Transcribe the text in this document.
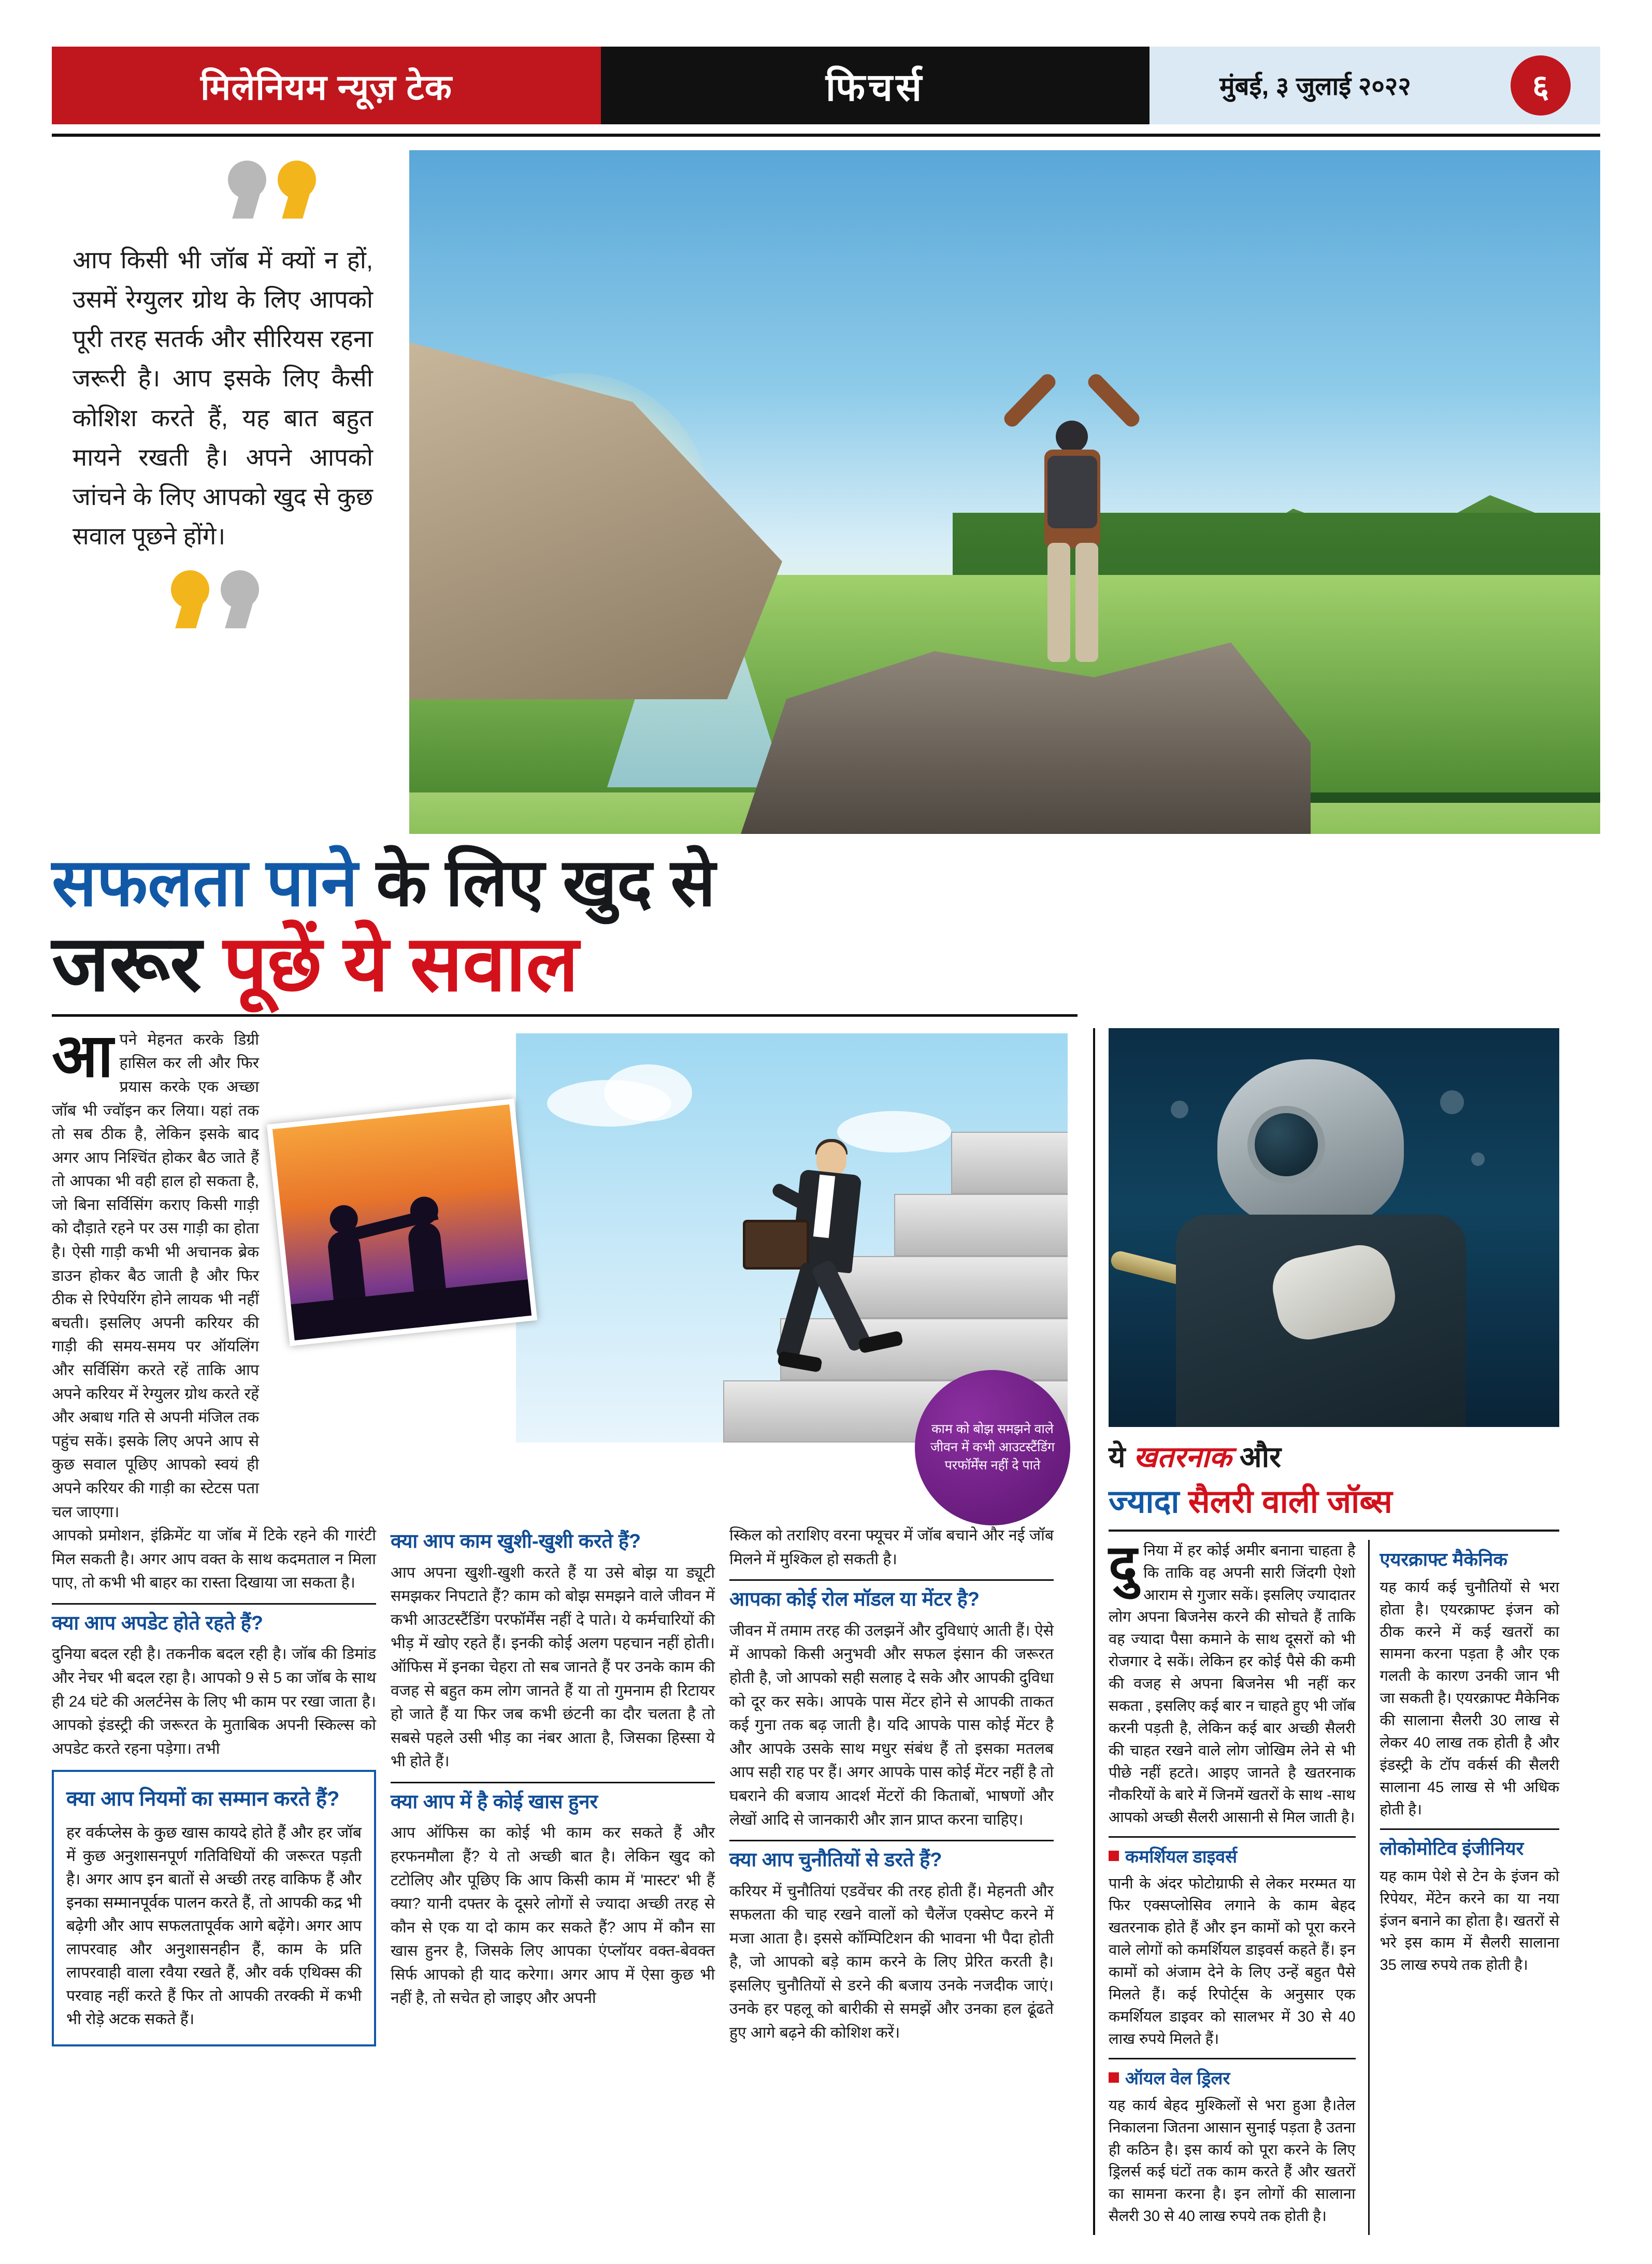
मिलेनियम न्यूज़ टेक	फिचर्स	मुंबई, ३ जुलाई २०२२	६
आप किसी भी जॉब में क्यों न हों, उसमें रेग्युलर ग्रोथ के लिए आपको पूरी तरह सतर्क और सीरियस रहना जरूरी है। आप इसके लिए कैसी कोशिश करते हैं, यह बात बहुत मायने रखती है। अपने आपको जांचने के लिए आपको खुद से कुछ सवाल पूछने होंगे।
सफलता पाने के लिए खुद से
जरूर पूछें ये सवाल
आ पने मेहनत करके डिग्री हासिल कर ली और फिर प्रयास करके एक अच्छा जॉब भी ज्वॉइन कर लिया। यहां तक तो सब ठीक है, लेकिन इसके बाद अगर आप निश्चिंत होकर बैठ जाते हैं तो आपका भी वही हाल हो सकता है, जो बिना सर्विसिंग कराए किसी गाड़ी को दौड़ाते रहने पर उस गाड़ी का होता है। ऐसी गाड़ी कभी भी अचानक ब्रेक डाउन होकर बैठ जाती है और फिर ठीक से रिपेयरिंग होने लायक भी नहीं बचती। इसलिए अपनी करियर की गाड़ी की समय-समय पर ऑयलिंग और सर्विसिंग करते रहें ताकि आप अपने करियर में रेग्युलर ग्रोथ करते रहें और अबाध गति से अपनी मंजिल तक पहुंच सकें। इसके लिए अपने आप से कुछ सवाल पूछिए आपको स्वयं ही अपने करियर की गाड़ी का स्टेटस पता चल जाएगा।
काम को बोझ समझने वाले जीवन में कभी आउटस्टैंडिंग परफॉर्मेंस नहीं दे पाते

आपको प्रमोशन, इंक्रिमेंट या जॉब में टिके रहने की गारंटी मिल सकती है। अगर आप वक्त के साथ कदमताल न मिला पाए, तो कभी भी बाहर का रास्ता दिखाया जा सकता है।

क्या आप अपडेट होते रहते हैं?

दुनिया बदल रही है। तकनीक बदल रही है। जॉब की डिमांड और नेचर भी बदल रहा है। आपको 9 से 5 का जॉब के साथ ही 24 घंटे की अलर्टनेस के लिए भी काम पर रखा जाता है। आपको इंडस्ट्री की जरूरत के मुताबिक अपनी स्किल्स को अपडेट करते रहना पड़ेगा। तभी

क्या आप नियमों का सम्मान करते हैं?

हर वर्कप्लेस के कुछ खास कायदे होते हैं और हर जॉब में कुछ अनुशासनपूर्ण गतिविधियों की जरूरत पड़ती है। अगर आप इन बातों से अच्छी तरह वाकिफ हैं और इनका सम्मानपूर्वक पालन करते हैं, तो आपकी कद्र भी बढ़ेगी और आप सफलतापूर्वक आगे बढ़ेंगे। अगर आप लापरवाह और अनुशासनहीन हैं, काम के प्रति लापरवाही वाला रवैया रखते हैं, और वर्क एथिक्स की परवाह नहीं करते हैं फिर तो आपकी तरक्की में कभी भी रोड़े अटक सकते हैं।

क्या आप काम खुशी-खुशी करते हैं?

आप अपना खुशी-खुशी करते हैं या उसे बोझ या ड्यूटी समझकर निपटाते हैं? काम को बोझ समझने वाले जीवन में कभी आउटस्टैंडिंग परफॉर्मेंस नहीं दे पाते। ये कर्मचारियों की भीड़ में खोए रहते हैं। इनकी कोई अलग पहचान नहीं होती। ऑफिस में इनका चेहरा तो सब जानते हैं पर उनके काम की वजह से बहुत कम लोग जानते हैं या तो गुमनाम ही रिटायर हो जाते हैं या फिर जब कभी छंटनी का दौर चलता है तो सबसे पहले उसी भीड़ का नंबर आता है, जिसका हिस्सा ये भी होते हैं।

क्या आप में है कोई खास हुनर

आप ऑफिस का कोई भी काम कर सकते हैं और हरफनमौला हैं? ये तो अच्छी बात है। लेकिन खुद को टटोलिए और पूछिए कि आप किसी काम में 'मास्टर' भी हैं क्या? यानी दफ्तर के दूसरे लोगों से ज्यादा अच्छी तरह से कौन से एक या दो काम कर सकते हैं? आप में कौन सा खास हुनर है, जिसके लिए आपका एंप्लॉयर वक्त-बेवक्त सिर्फ आपको ही याद करेगा। अगर आप में ऐसा कुछ भी नहीं है, तो सचेत हो जाइए और अपनी

स्किल को तराशिए वरना फ्यूचर में जॉब बचाने और नई जॉब मिलने में मुश्किल हो सकती है।

आपका कोई रोल मॉडल या मेंटर है?

जीवन में तमाम तरह की उलझनें और दुविधाएं आती हैं। ऐसे में आपको किसी अनुभवी और सफल इंसान की जरूरत होती है, जो आपको सही सलाह दे सके और आपकी दुविधा को दूर कर सके। आपके पास मेंटर होने से आपकी ताकत कई गुना तक बढ़ जाती है। यदि आपके पास कोई मेंटर है और आपके उसके साथ मधुर संबंध हैं तो इसका मतलब आप सही राह पर हैं। अगर आपके पास कोई मेंटर नहीं है तो घबराने की बजाय आदर्श मेंटरों की किताबों, भाषणों और लेखों आदि से जानकारी और ज्ञान प्राप्त करना चाहिए।

क्या आप चुनौतियों से डरते हैं?

करियर में चुनौतियां एडवेंचर की तरह होती हैं। मेहनती और सफलता की चाह रखने वालों को चैलेंज एक्सेप्ट करने में मजा आता है। इससे कॉम्पिटिशन की भावना भी पैदा होती है, जो आपको बड़े काम करने के लिए प्रेरित करती है। इसलिए चुनौतियों से डरने की बजाय उनके नजदीक जाएं। उनके हर पहलू को बारीकी से समझें और उनका हल ढूंढते हुए आगे बढ़ने की कोशिश करें।

ये खतरनाक और
ज्यादा सैलरी वाली जॉब्स

दु निया में हर कोई अमीर बनाना चाहता है कि ताकि वह अपनी सारी जिंदगी ऐशो आराम से गुजार सकें। इसलिए ज्यादातर लोग अपना बिजनेस करने की सोचते हैं ताकि वह ज्यादा पैसा कमाने के साथ दूसरों को भी रोजगार दे सकें। लेकिन हर कोई पैसे की कमी की वजह से अपना बिजनेस भी नहीं कर सकता , इसलिए कई बार न चाहते हुए भी जॉब करनी पड़ती है, लेकिन कई बार अच्छी सैलरी की चाहत रखने वाले लोग जोखिम लेने से भी पीछे नहीं हटते। आइए जानते है खतरनाक नौकरियों के बारे में जिनमें खतरों के साथ -साथ आपको अच्छी सैलरी आसानी से मिल जाती है।

कमर्शियल डाइवर्स

पानी के अंदर फोटोग्राफी से लेकर मरम्मत या फिर एक्सप्लोसिव लगाने के काम बेहद खतरनाक होते हैं और इन कामों को पूरा करने वाले लोगों को कमर्शियल डाइवर्स कहते हैं। इन कामों को अंजाम देने के लिए उन्हें बहुत पैसे मिलते हैं। कई रिपोर्ट्स के अनुसार एक कमर्शियल डाइवर को सालभर में 30 से 40 लाख रुपये मिलते हैं।

ऑयल वेल ड्रिलर

यह कार्य बेहद मुश्किलों से भरा हुआ है।तेल निकालना जितना आसान सुनाई पड़ता है उतना ही कठिन है। इस कार्य को पूरा करने के लिए ड्रिलर्स कई घंटों तक काम करते हैं और खतरों का सामना करना है। इन लोगों की सालाना सैलरी 30 से 40 लाख रुपये तक होती है।

एयरक्राफ्ट मैकेनिक

यह कार्य कई चुनौतियों से भरा होता है। एयरक्राफ्ट इंजन को ठीक करने में कई खतरों का सामना करना पड़ता है और एक गलती के कारण उनकी जान भी जा सकती है। एयरक्राफ्ट मैकेनिक की सालाना सैलरी 30 लाख से लेकर 40 लाख तक होती है और इंडस्ट्री के टॉप वर्कर्स की सैलरी सालाना 45 लाख से भी अधिक होती है।

लोकोमोटिव इंजीनियर

यह काम पेशे से टेन के इंजन को रिपेयर, मेंटेन करने का या नया इंजन बनाने का होता है। खतरों से भरे इस काम में सैलरी सालाना 35 लाख रुपये तक होती है।
